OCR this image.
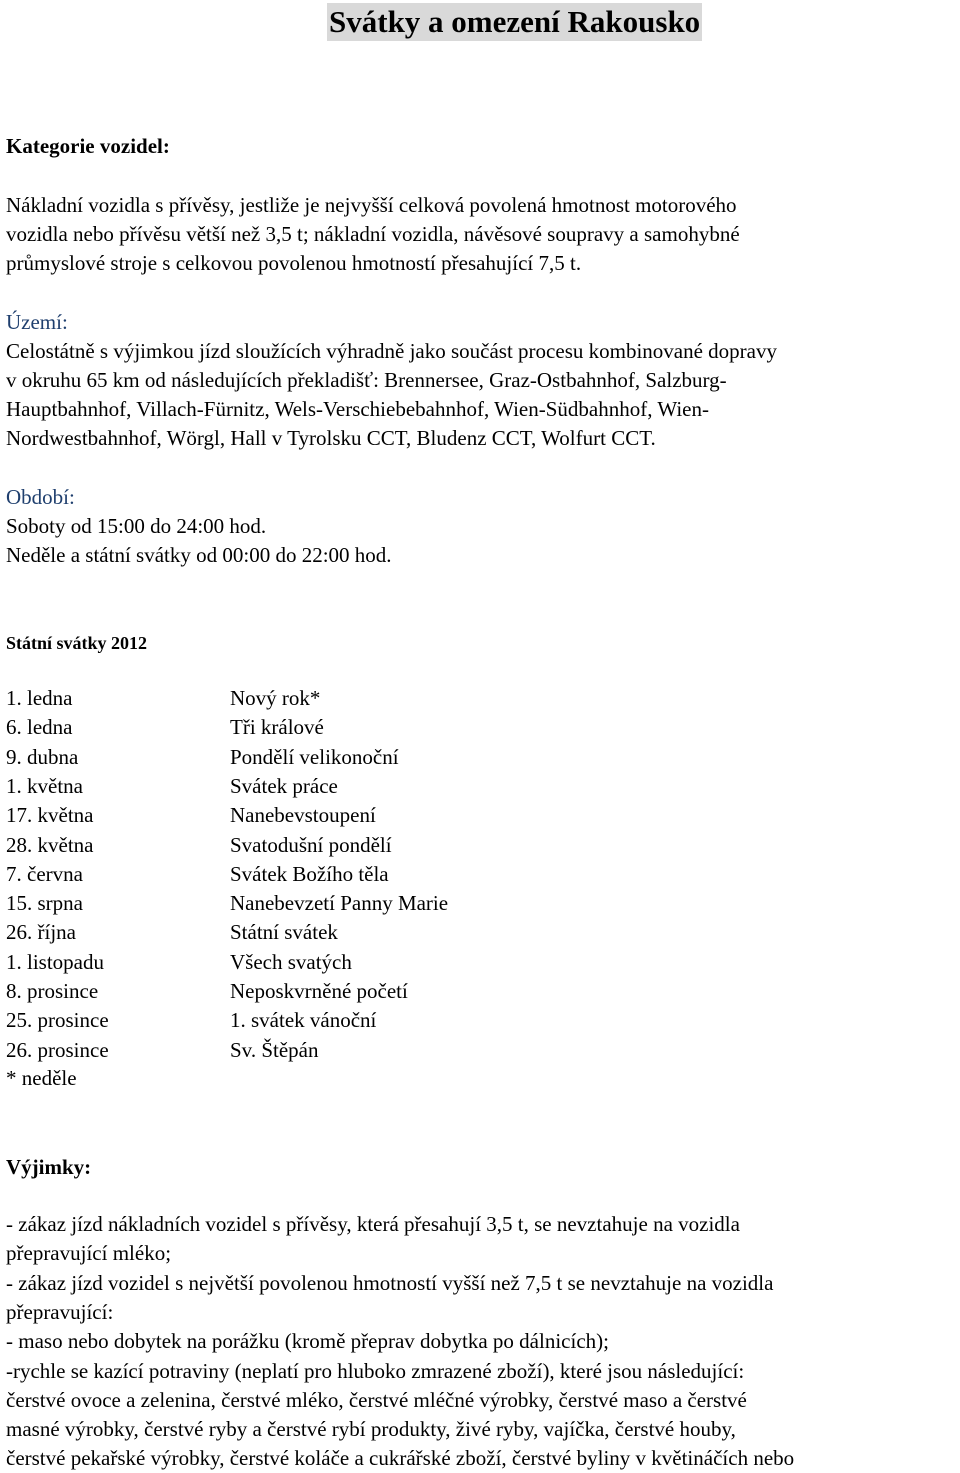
Svátky a omezení Rakousko
Kategorie vozidel:
Nákladní vozidla s přívěsy, jestliže je nejvyšší celková povolená hmotnost motorového
vozidla nebo přívěsu větší než 3,5 t; nákladní vozidla, návěsové soupravy a samohybné
průmyslové stroje s celkovou povolenou hmotností přesahující 7,5 t.
Území:
Celostátně s výjimkou jízd sloužících výhradně jako součást procesu kombinované dopravy
v okruhu 65 km od následujících překladišť: Brennersee, Graz-Ostbahnhof, Salzburg-
Hauptbahnhof, Villach-Fürnitz, Wels-Verschiebebahnhof, Wien-Südbahnhof, Wien-
Nordwestbahnhof, Wörgl, Hall v Tyrolsku CCT, Bludenz CCT, Wolfurt CCT.
Období:
Soboty od 15:00 do 24:00 hod.
Neděle a státní svátky od 00:00 do 22:00 hod.
Státní svátky 2012
1. ledna	Nový rok*
6. ledna	Tři králové
9. dubna	Pondělí velikonoční
1. května	Svátek práce
17. května	Nanebevstoupení
28. května	Svatodušní pondělí
7. června	Svátek Božího těla
15. srpna	Nanebevzetí Panny Marie
26. října	Státní svátek
1. listopadu	Všech svatých
8. prosince	Neposkvrněné početí
25. prosince	1. svátek vánoční
26. prosince	Sv. Štěpán
* neděle
Výjimky:
- zákaz jízd nákladních vozidel s přívěsy, která přesahují 3,5 t, se nevztahuje na vozidla
přepravující mléko;
- zákaz jízd vozidel s největší povolenou hmotností vyšší než 7,5 t se nevztahuje na vozidla
přepravující:
- maso nebo dobytek na porážku (kromě přeprav dobytka po dálnicích);
-rychle se kazící potraviny (neplatí pro hluboko zmrazené zboží), které jsou následující:
čerstvé ovoce a zelenina, čerstvé mléko, čerstvé mléčné výrobky, čerstvé maso a čerstvé
masné výrobky, čerstvé ryby a čerstvé rybí produkty, živé ryby, vajíčka, čerstvé houby,
čerstvé pekařské výrobky, čerstvé koláče a cukrářské zboží, čerstvé byliny v květináčích nebo
